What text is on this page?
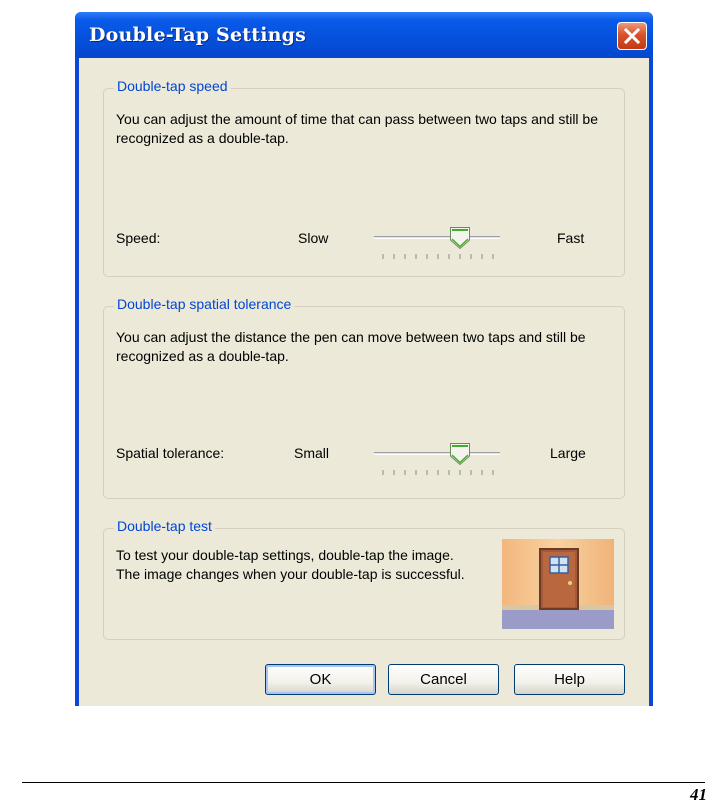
Double-Tap Settings
Double-tap speed
You can adjust the amount of time that can pass between two taps and still be recognized as a double-tap.
Speed:	Slow	Fast
Double-tap spatial tolerance
You can adjust the distance the pen can move between two taps and still be recognized as a double-tap.
Spatial tolerance:	Small	Large
Double-tap test
To test your double-tap settings, double-tap the image. The image changes when your double-tap is successful.
OK	Cancel	Help
41
